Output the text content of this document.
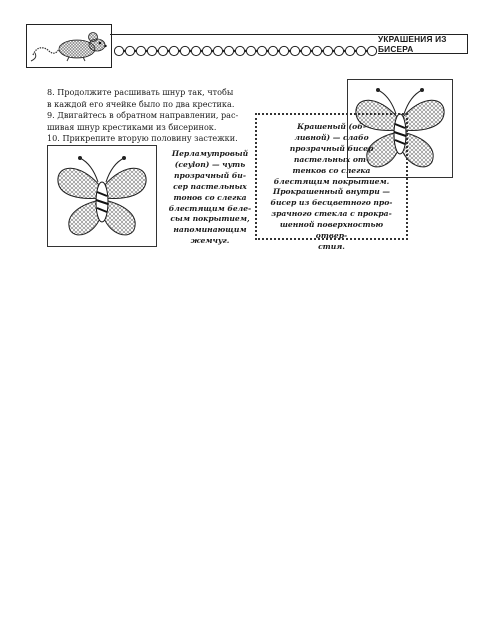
УКРАШЕНИЯ ИЗ БИСЕРА

8. Продолжите расшивать шнур так, чтобы

в каждой его ячейке было по два крестика.

9. Двигайтесь в обратном направлении, рас-

шивая шнур крестиками из бисеринок.

10. Прикрепите вторую половину застежки.

Крашеный (об-

ливной) — слабо

прозрачный бисер

пастельных от-

тенков со слегка

блестящим покрытием.

Прокрашенный внутри —

бисер из бесцветного про-

зрачного стекла с прокра-

шенной поверхностью отвер-

стия.

Перламутровый
(ceylon) — чуть
прозрачный би-
сер пастельных
тонов со слегка
блестящим беле-
сым покрытием,
напоминающим
жемчуг.
